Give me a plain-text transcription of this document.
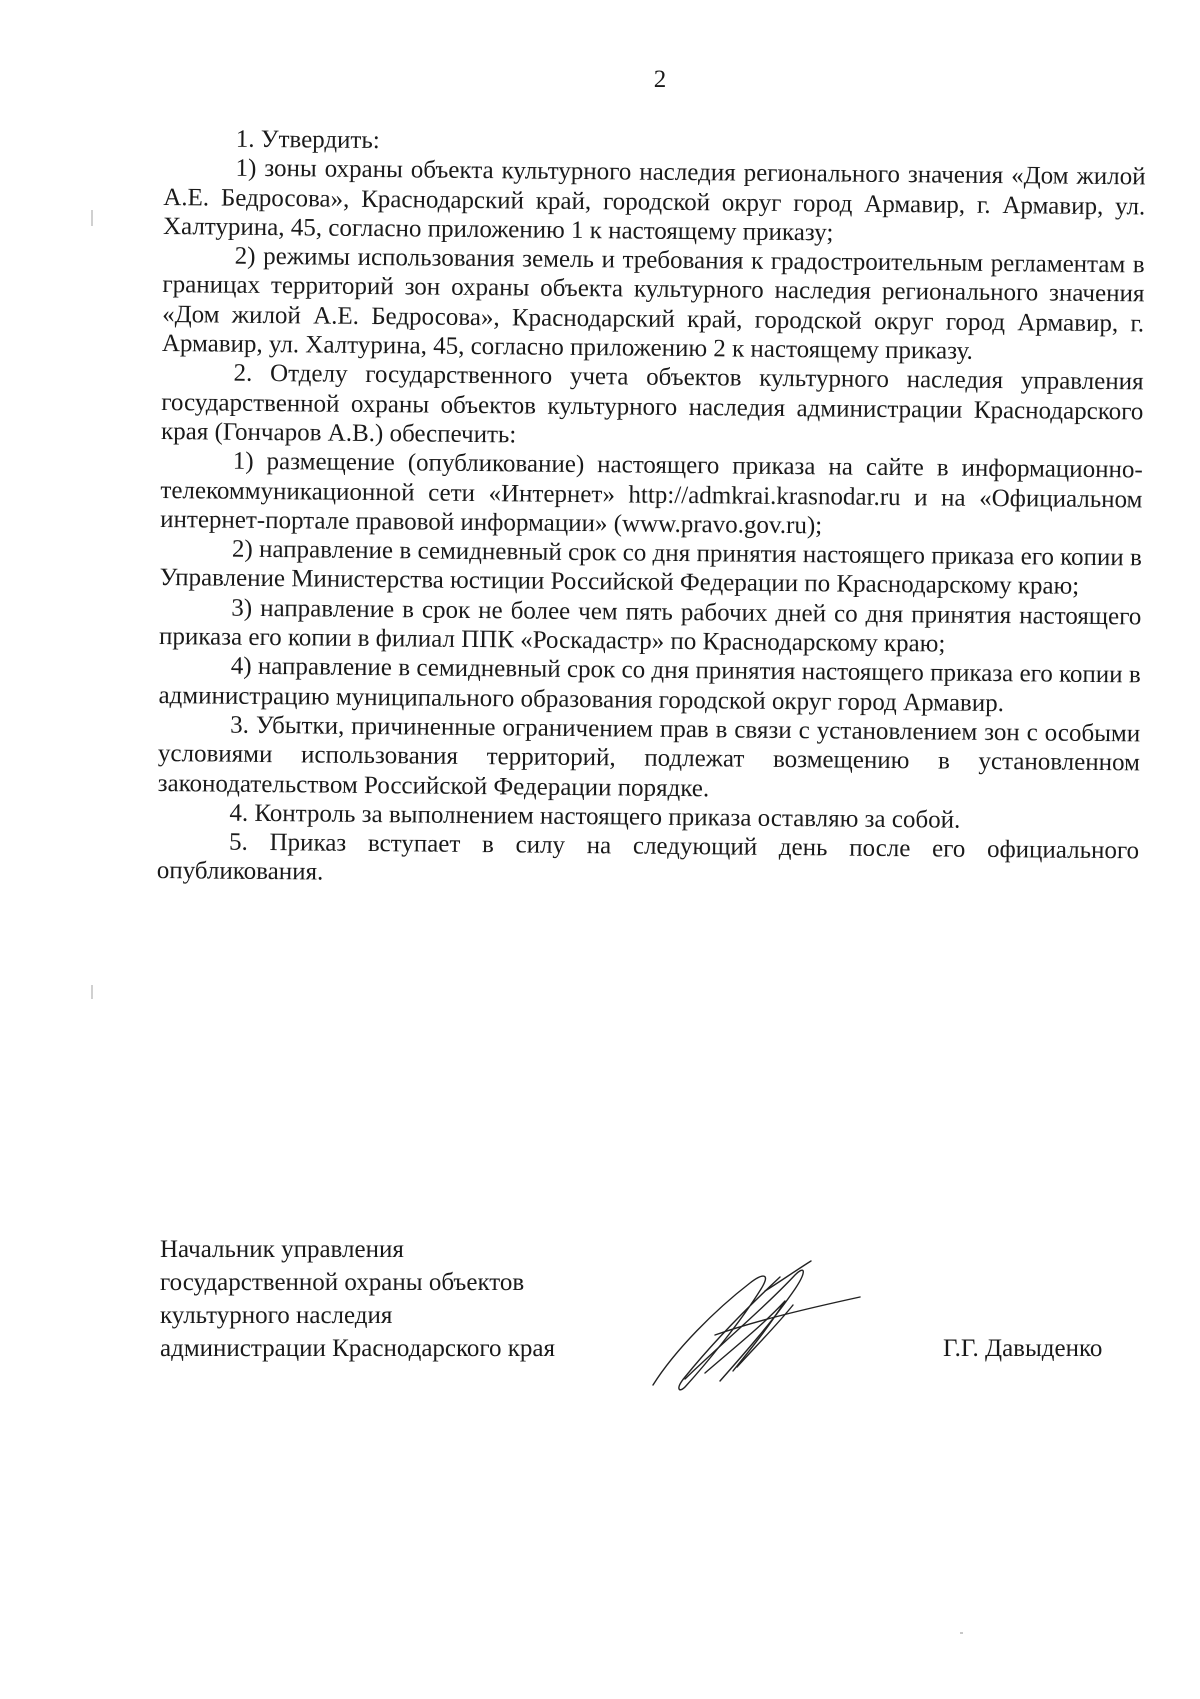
2

1. Утвердить:

1) зоны охраны объекта культурного наследия регионального значения «Дом жилой А.Е. Бедросова», Краснодарский край, городской округ город Армавир, г. Армавир, ул. Халтурина, 45, согласно приложению 1 к настоящему приказу;

2) режимы использования земель и требования к градостроительным регламентам в границах территорий зон охраны объекта культурного наследия регионального значения «Дом жилой А.Е. Бедросова», Краснодарский край, городской округ город Армавир, г. Армавир, ул. Халтурина, 45, согласно приложению 2 к настоящему приказу.

2. Отделу государственного учета объектов культурного наследия управления государственной охраны объектов культурного наследия администрации Краснодарского края (Гончаров А.В.) обеспечить:

1) размещение (опубликование) настоящего приказа на сайте в информационно-телекоммуникационной сети «Интернет» http://admkrai.krasnodar.ru и на «Официальном интернет-портале правовой информации» (www.pravo.gov.ru);

2) направление в семидневный срок со дня принятия настоящего приказа его копии в Управление Министерства юстиции Российской Федерации по Краснодарскому краю;

3) направление в срок не более чем пять рабочих дней со дня принятия настоящего приказа его копии в филиал ППК «Роскадастр» по Краснодарскому краю;

4) направление в семидневный срок со дня принятия настоящего приказа его копии в администрацию муниципального образования городской округ город Армавир.

3. Убытки, причиненные ограничением прав в связи с установлением зон с особыми условиями использования территорий, подлежат возмещению в установленном законодательством Российской Федерации порядке.

4. Контроль за выполнением настоящего приказа оставляю за собой.

5. Приказ вступает в силу на следующий день после его официального опубликования.

Начальник управления
государственной охраны объектов
культурного наследия
администрации Краснодарского края	Г.Г. Давыденко
